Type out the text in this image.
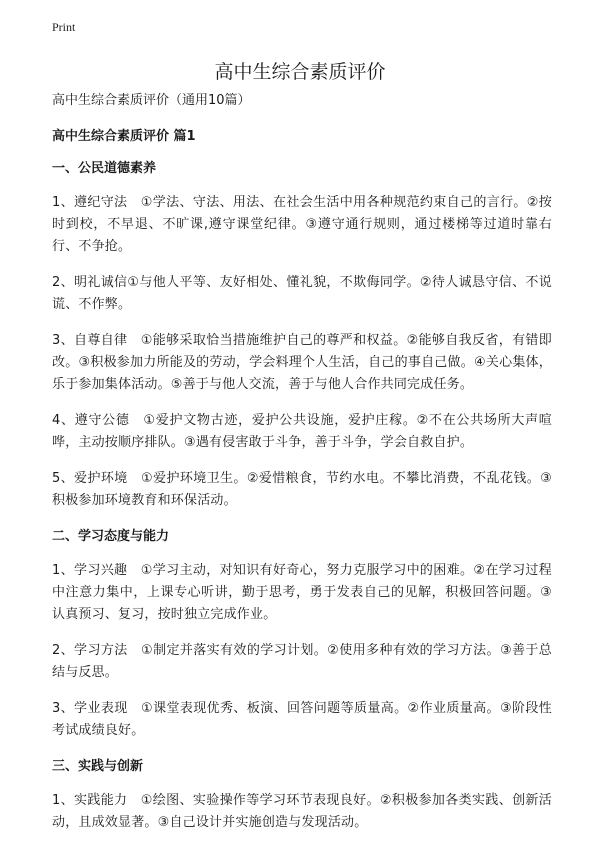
Print
高中生综合素质评价

高中生综合素质评价（通用10篇）

高中生综合素质评价 篇1

一、公民道德素养

1、遵纪守法　①学法、守法、用法、在社会生活中用各种规范约束自己的言行。②按时到校，不早退、不旷课,遵守课堂纪律。③遵守通行规则，通过楼梯等过道时靠右行、不争抢。

2、明礼诚信①与他人平等、友好相处、懂礼貌，不欺侮同学。②待人诚恳守信、不说谎、不作弊。

3、自尊自律　①能够采取恰当措施维护自己的尊严和权益。②能够自我反省，有错即改。③积极参加力所能及的劳动，学会料理个人生活，自己的事自己做。④关心集体，乐于参加集体活动。⑤善于与他人交流，善于与他人合作共同完成任务。

4、遵守公德　①爱护文物古迹，爱护公共设施，爱护庄稼。②不在公共场所大声喧哗，主动按顺序排队。③遇有侵害敢于斗争，善于斗争，学会自救自护。

5、爱护环境　①爱护环境卫生。②爱惜粮食，节约水电。不攀比消费，不乱花钱。③积极参加环境教育和环保活动。

二、学习态度与能力

1、学习兴趣　①学习主动，对知识有好奇心，努力克服学习中的困难。②在学习过程中注意力集中，上课专心听讲，勤于思考，勇于发表自己的见解，积极回答问题。③认真预习、复习，按时独立完成作业。

2、学习方法　①制定并落实有效的学习计划。②使用多种有效的学习方法。③善于总结与反思。

3、学业表现　①课堂表现优秀、板演、回答问题等质量高。②作业质量高。③阶段性考试成绩良好。

三、实践与创新

1、实践能力　①绘图、实验操作等学习环节表现良好。②积极参加各类实践、创新活动，且成效显著。③自己设计并实施创造与发现活动。
